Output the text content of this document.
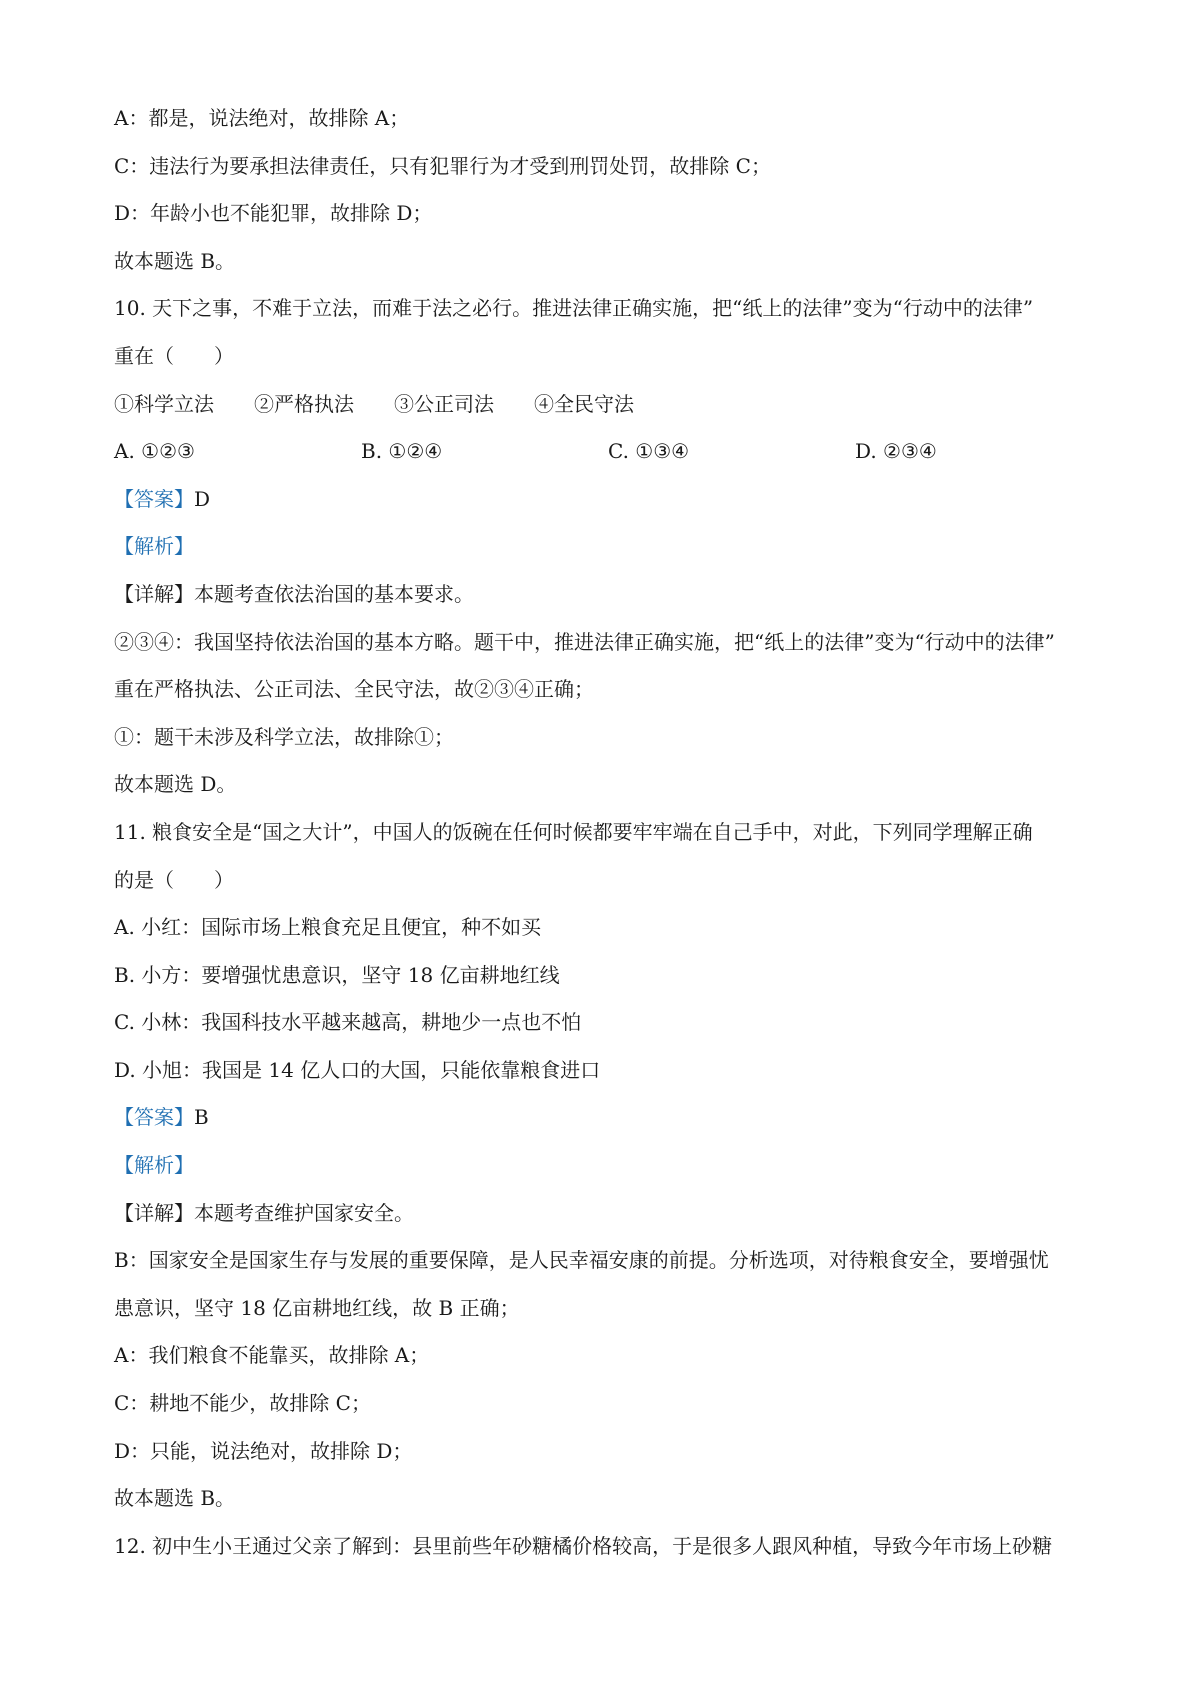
A：都是，说法绝对，故排除 A；
C：违法行为要承担法律责任，只有犯罪行为才受到刑罚处罚，故排除 C；
D：年龄小也不能犯罪，故排除 D；
故本题选 B。
10. 天下之事，不难于立法，而难于法之必行。推进法律正确实施，把“纸上的法律”变为“行动中的法律”
重在（　　）
①科学立法 ②严格执法 ③公正司法 ④全民守法
A. ①②③	B. ①②④	C. ①③④	D. ②③④
【答案】D
【解析】
【详解】本题考查依法治国的基本要求。
②③④：我国坚持依法治国的基本方略。题干中，推进法律正确实施，把“纸上的法律”变为“行动中的法律”
重在严格执法、公正司法、全民守法，故②③④正确；
①：题干未涉及科学立法，故排除①；
故本题选 D。
11. 粮食安全是“国之大计”，中国人的饭碗在任何时候都要牢牢端在自己手中，对此，下列同学理解正确
的是（　　）
A. 小红：国际市场上粮食充足且便宜，种不如买
B. 小方：要增强忧患意识，坚守 18 亿亩耕地红线
C. 小林：我国科技水平越来越高，耕地少一点也不怕
D. 小旭：我国是 14 亿人口的大国，只能依靠粮食进口
【答案】B
【解析】
【详解】本题考查维护国家安全。
B：国家安全是国家生存与发展的重要保障，是人民幸福安康的前提。分析选项，对待粮食安全，要增强忧
患意识，坚守 18 亿亩耕地红线，故 B 正确；
A：我们粮食不能靠买，故排除 A；
C：耕地不能少，故排除 C；
D：只能，说法绝对，故排除 D；
故本题选 B。
12. 初中生小王通过父亲了解到：县里前些年砂糖橘价格较高，于是很多人跟风种植，导致今年市场上砂糖
